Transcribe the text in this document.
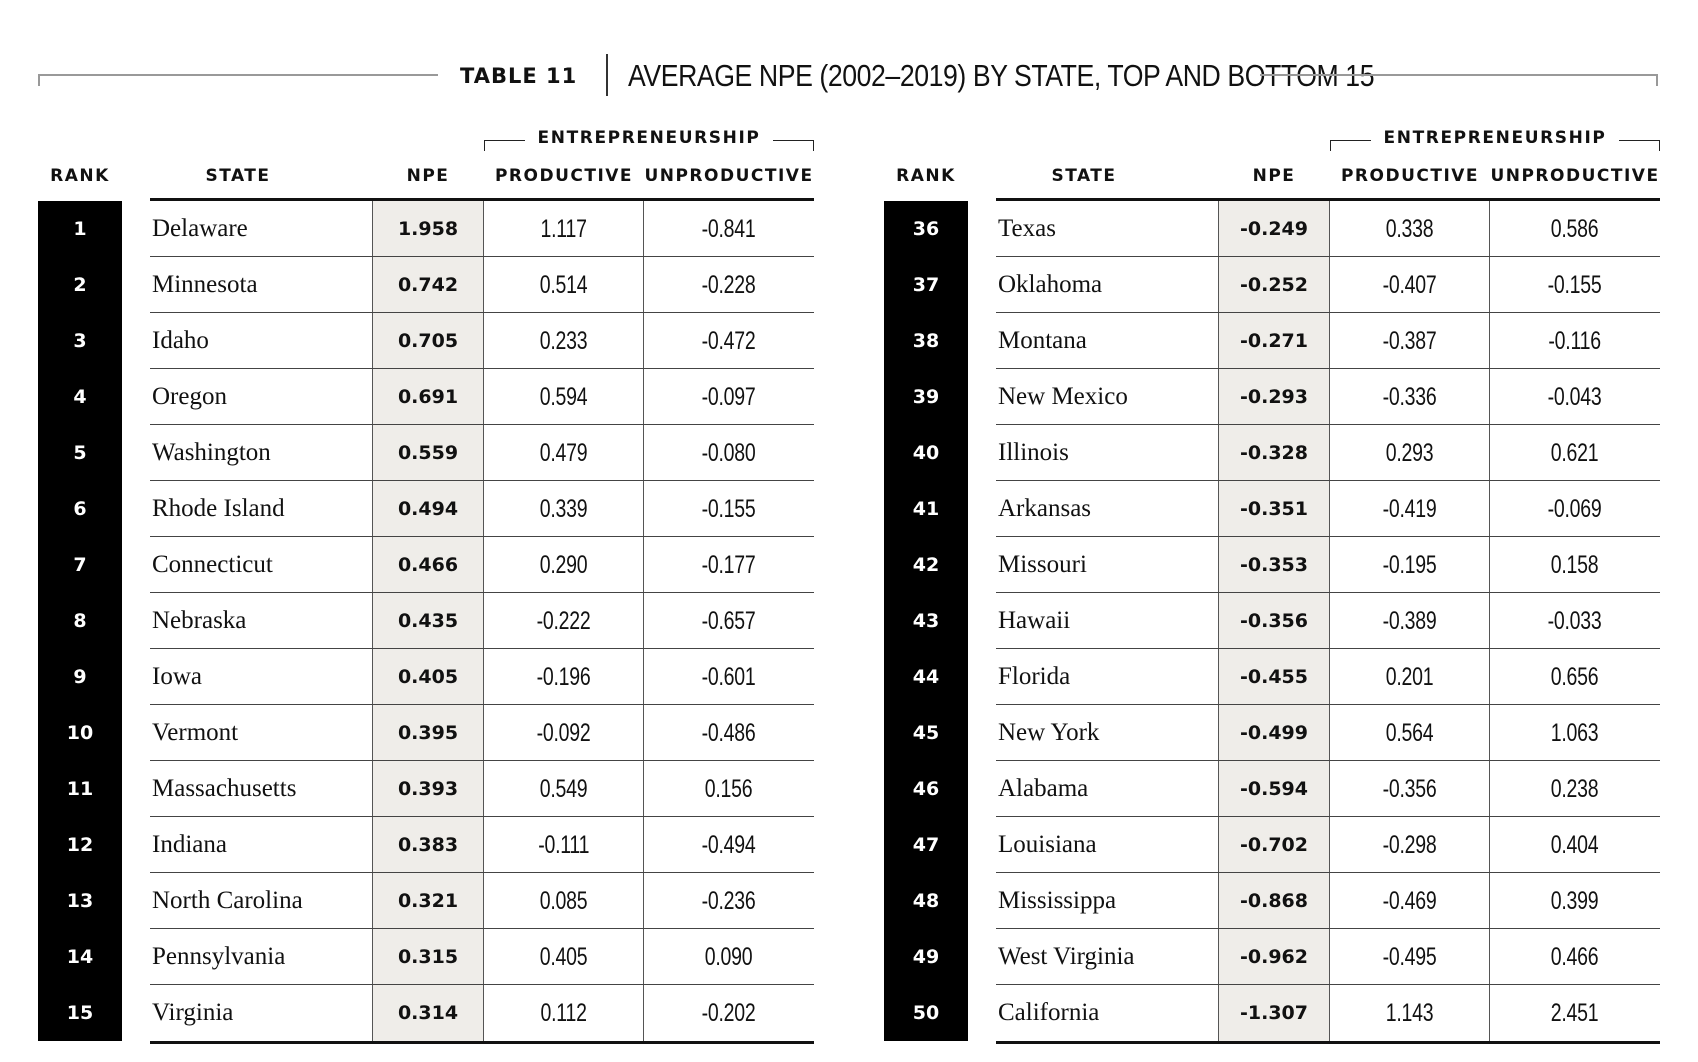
TABLE 11 AVERAGE NPE (2002–2019) BY STATE, TOP AND BOTTOM 15
ENTREPRENEURSHIP
RANK	STATE	NPE	PRODUCTIVE UNPRODUCTIVE
1	Delaware	1.958	1.117	-0.841
2	Minnesota	0.742	0.514	-0.228
3	Idaho	0.705	0.233	-0.472
4	Oregon	0.691	0.594	-0.097
5	Washington	0.559	0.479	-0.080
6	Rhode Island	0.494	0.339	-0.155
7	Connecticut	0.466	0.290	-0.177
8	Nebraska	0.435	-0.222	-0.657
9	Iowa	0.405	-0.196	-0.601
10	Vermont	0.395	-0.092	-0.486
11	Massachusetts	0.393	0.549	0.156
12	Indiana	0.383	-0.111	-0.494
13	North Carolina	0.321	0.085	-0.236
14	Pennsylvania	0.315	0.405	0.090
15	Virginia	0.314	0.112	-0.202
ENTREPRENEURSHIP
RANK	STATE	NPE	PRODUCTIVE UNPRODUCTIVE
36	Texas	-0.249	0.338	0.586
37	Oklahoma	-0.252	-0.407	-0.155
38	Montana	-0.271	-0.387	-0.116
39	New Mexico	-0.293	-0.336	-0.043
40	Illinois	-0.328	0.293	0.621
41	Arkansas	-0.351	-0.419	-0.069
42	Missouri	-0.353	-0.195	0.158
43	Hawaii	-0.356	-0.389	-0.033
44	Florida	-0.455	0.201	0.656
45	New York	-0.499	0.564	1.063
46	Alabama	-0.594	-0.356	0.238
47	Louisiana	-0.702	-0.298	0.404
48	Mississippa	-0.868	-0.469	0.399
49	West Virginia	-0.962	-0.495	0.466
50	California	-1.307	1.143	2.451
